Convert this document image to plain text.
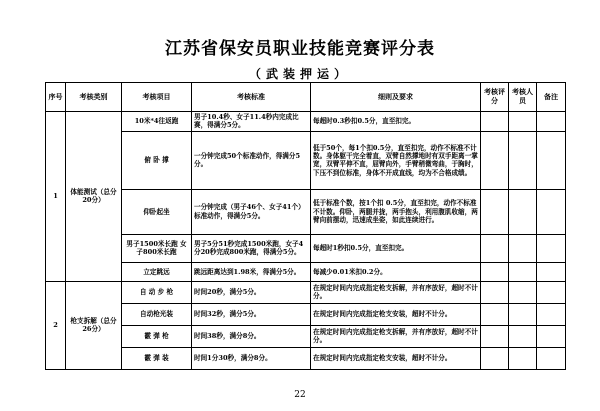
江苏省保安员职业技能竞赛评分表
（武装押运）
序号	考核类别	考核项目	考核标准	细则及要求	考核评分	考核人员	备注
1	体能测试（总分20分）	10米*4往返跑	男子10.4秒、女子11.4秒内完成比赛，得满分5分。	每超时0.3秒扣0.5分，直至扣完。			
		俯 卧 撑	一分钟完成50个标准动作，得满分5分。	低于50个，每1个扣0.5分，直至扣完，动作不标准不计数。身体躯干完全着直，双臂自然撑地时有双手距离一掌宽，双臂平伸不直，屈臂向外，手臂稍微弯曲，于胸时，下压不到位标准，身体不开成直线，均为不合格成绩。			
		仰卧起坐	一分钟完成（男子46个、女子41个）标准动作，得满分5分。	低于标准个数，按1个扣 0.5分，直至扣完，动作不标准不计数。仰卧，两腿并拢，两手抱头，利用腹肌收缩，两臂向前摆动，迅速成坐姿，如此连续进行。			
		男子1500米长跑 女子800米长跑	男子5分51秒完成1500米跑，女子4分20秒完成800米跑，得满分5分。	每超时1秒扣0.5分，直至扣完。			
		立定跳远	跳远距离达到1.98米，得满分5分。	每减少0.01米扣0.2分。			
2	枪支拆解（总分26分）	自 动 步 枪	时间20秒，满分5分。	在规定时间内完成指定枪支拆解，并有序放好，超时不计分。			
		自动枪光装	时间32秒，满分5分。	在规定时间内完成指定枪支安装，超时不计分。			
		霰 弹 枪	时间38秒，满分8分。	在规定时间内完成指定枪支拆解，并有序放好，超时不计分。			
		霰 弹 装	时间1分30秒，满分8分。	在规定时间内完成指定枪支安装，超时不计分。			
22
